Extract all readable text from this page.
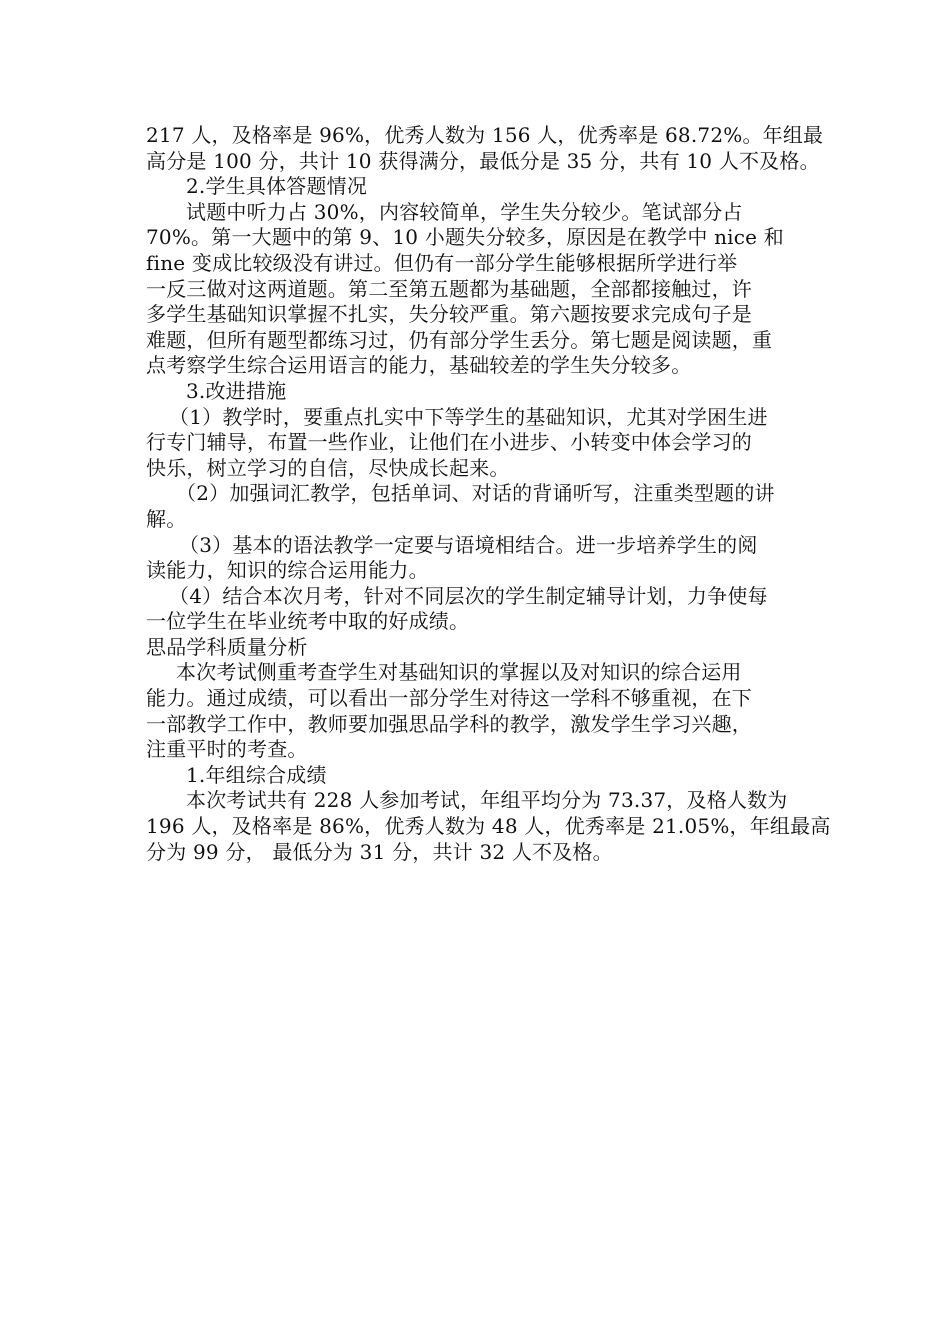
217 人，及格率是 96%，优秀人数为 156 人，优秀率是 68.72%。年组最
高分是 100 分，共计 10 获得满分，最低分是 35 分，共有 10 人不及格。
2.学生具体答题情况
试题中听力占 30%，内容较简单，学生失分较少。笔试部分占
70%。第一大题中的第 9、10 小题失分较多，原因是在教学中 nice 和
fine 变成比较级没有讲过。但仍有一部分学生能够根据所学进行举
一反三做对这两道题。第二至第五题都为基础题，全部都接触过，许
多学生基础知识掌握不扎实，失分较严重。第六题按要求完成句子是
难题，但所有题型都练习过，仍有部分学生丢分。第七题是阅读题，重
点考察学生综合运用语言的能力，基础较差的学生失分较多。
3.改进措施
（1）教学时，要重点扎实中下等学生的基础知识，尤其对学困生进
行专门辅导，布置一些作业，让他们在小进步、小转变中体会学习的
快乐，树立学习的自信，尽快成长起来。
（2）加强词汇教学，包括单词、对话的背诵听写，注重类型题的讲
解。
（3）基本的语法教学一定要与语境相结合。进一步培养学生的阅
读能力，知识的综合运用能力。
（4）结合本次月考，针对不同层次的学生制定辅导计划，力争使每
一位学生在毕业统考中取的好成绩。
思品学科质量分析
本次考试侧重考查学生对基础知识的掌握以及对知识的综合运用
能力。通过成绩，可以看出一部分学生对待这一学科不够重视，在下
一部教学工作中，教师要加强思品学科的教学，激发学生学习兴趣，
注重平时的考查。
1.年组综合成绩
本次考试共有 228 人参加考试，年组平均分为 73.37，及格人数为
196 人，及格率是 86%，优秀人数为 48 人，优秀率是 21.05%，年组最高
分为 99 分， 最低分为 31 分，共计 32 人不及格。
